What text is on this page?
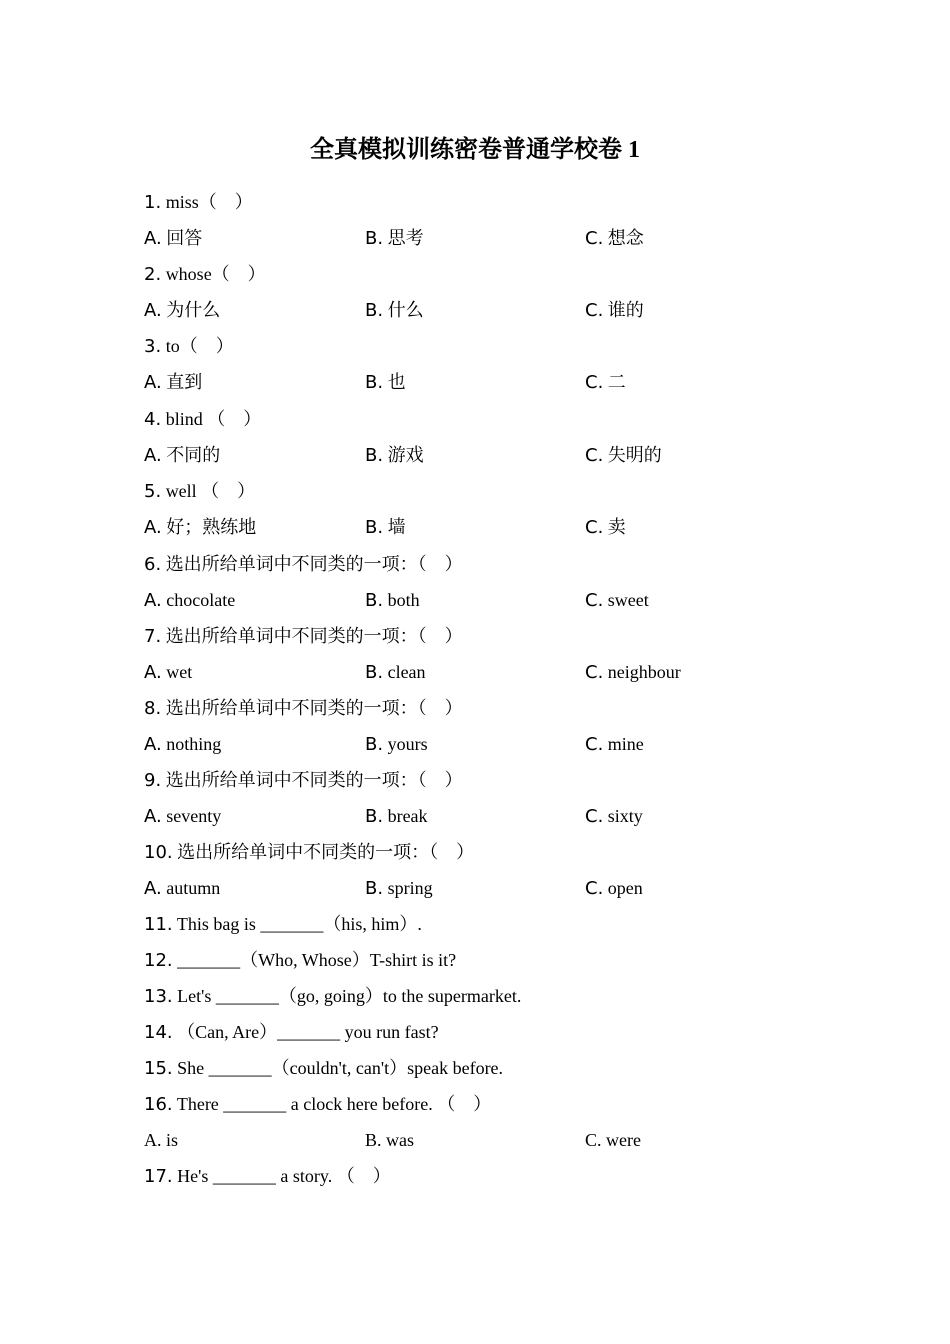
全真模拟训练密卷普通学校卷 1
1. miss（　）
A. 回答	B. 思考	C. 想念
2. whose（　）
A. 为什么	B. 什么	C. 谁的
3. to（　）
A. 直到	B. 也	C. 二
4. blind （　）
A. 不同的	B. 游戏	C. 失明的
5. well （　）
A. 好；熟练地	B. 墙	C. 卖
6. 选出所给单词中不同类的一项：（　）
A. chocolate	B. both	C. sweet
7. 选出所给单词中不同类的一项：（　）
A. wet	B. clean	C. neighbour
8. 选出所给单词中不同类的一项：（　）
A. nothing	B. yours	C. mine
9. 选出所给单词中不同类的一项：（　）
A. seventy	B. break	C. sixty
10. 选出所给单词中不同类的一项：（　）
A. autumn	B. spring	C. open
11. This bag is _______（his, him）.
12. _______（Who, Whose）T-shirt is it?
13. Let's _______（go, going）to the supermarket.
14. （Can, Are）_______ you run fast?
15. She _______（couldn't, can't）speak before.
16. There _______ a clock here before. （　）
A. is	B. was	C. were
17. He's _______ a story. （　）
